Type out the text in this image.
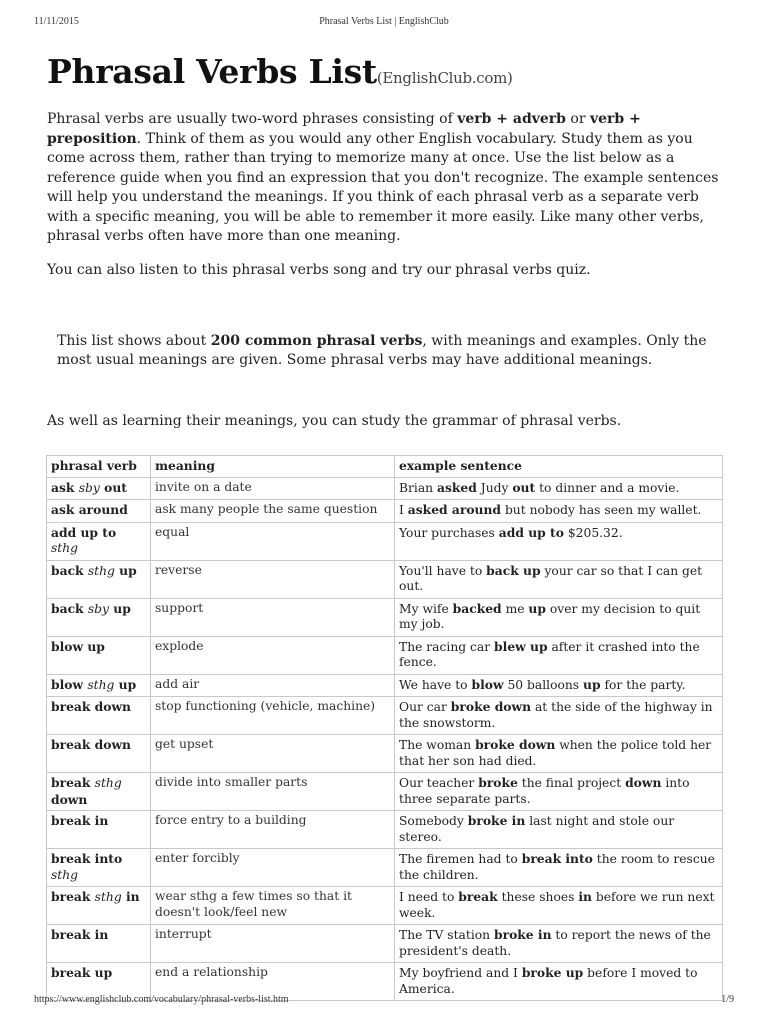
11/11/2015	Phrasal Verbs List | EnglishClub
Phrasal Verbs List(EnglishClub.com)

Phrasal verbs are usually two-word phrases consisting of verb + adverb or verb + preposition. Think of them as you would any other English vocabulary. Study them as you come across them, rather than trying to memorize many at once. Use the list below as a reference guide when you find an expression that you don't recognize. The example sentences will help you understand the meanings. If you think of each phrasal verb as a separate verb with a specific meaning, you will be able to remember it more easily. Like many other verbs, phrasal verbs often have more than one meaning.

You can also listen to this phrasal verbs song and try our phrasal verbs quiz.

This list shows about 200 common phrasal verbs, with meanings and examples. Only the most usual meanings are given. Some phrasal verbs may have additional meanings.

As well as learning their meanings, you can study the grammar of phrasal verbs.

phrasal verb	meaning	example sentence
ask sby out	invite on a date	Brian asked Judy out to dinner and a movie.
ask around	ask many people the same question	I asked around but nobody has seen my wallet.
add up to sthg	equal	Your purchases add up to $205.32.
back sthg up	reverse	You'll have to back up your car so that I can get out.
back sby up	support	My wife backed me up over my decision to quit my job.
blow up	explode	The racing car blew up after it crashed into the fence.
blow sthg up	add air	We have to blow 50 balloons up for the party.
break down	stop functioning (vehicle, machine)	Our car broke down at the side of the highway in the snowstorm.
break down	get upset	The woman broke down when the police told her that her son had died.
break sthg down	divide into smaller parts	Our teacher broke the final project down into three separate parts.
break in	force entry to a building	Somebody broke in last night and stole our stereo.
break into sthg	enter forcibly	The firemen had to break into the room to rescue the children.
break sthg in	wear sthg a few times so that it doesn't look/feel new	I need to break these shoes in before we run next week.
break in	interrupt	The TV station broke in to report the news of the president's death.
break up	end a relationship	My boyfriend and I broke up before I moved to America.
https://www.englishclub.com/vocabulary/phrasal-verbs-list.htm	1/9
